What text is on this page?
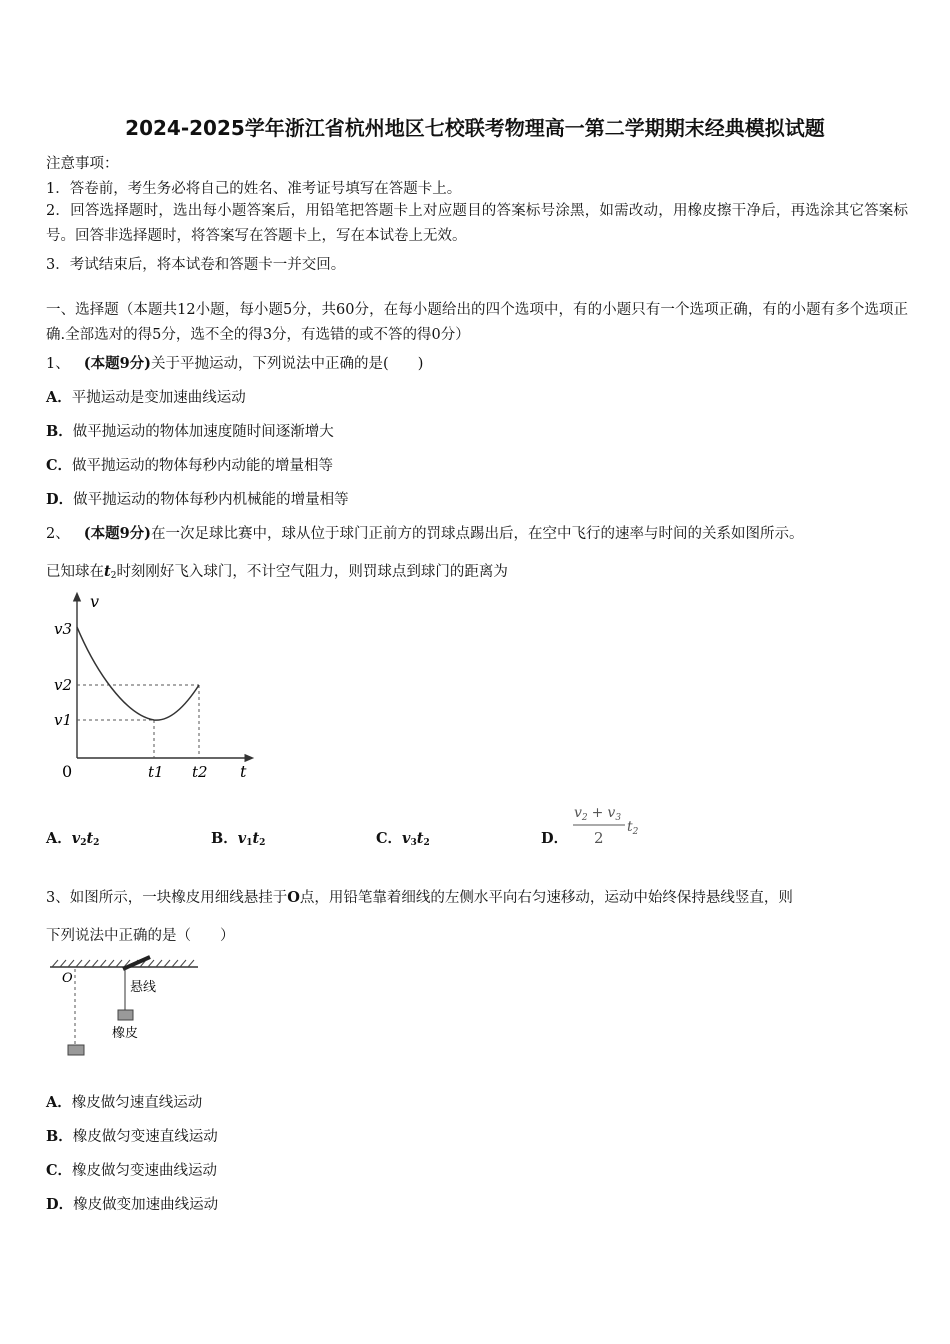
2024-2025学年浙江省杭州地区七校联考物理高一第二学期期末经典模拟试题
注意事项：
1．答卷前，考生务必将自己的姓名、准考证号填写在答题卡上。
2．回答选择题时，选出每小题答案后，用铅笔把答题卡上对应题目的答案标号涂黑，如需改动，用橡皮擦干净后，再选涂其它答案标号。回答非选择题时，将答案写在答题卡上，写在本试卷上无效。
3．考试结束后，将本试卷和答题卡一并交回。
一、选择题（本题共12小题，每小题5分，共60分，在每小题给出的四个选项中，有的小题只有一个选项正确，有的小题有多个选项正确.全部选对的得5分，选不全的得3分，有选错的或不答的得0分）
1、 (本题9分)关于平抛运动，下列说法中正确的是(　　)
A．平抛运动是变加速曲线运动
B．做平抛运动的物体加速度随时间逐渐增大
C．做平抛运动的物体每秒内动能的增量相等
D．做平抛运动的物体每秒内机械能的增量相等
2、 (本题9分)在一次足球比赛中，球从位于球门正前方的罚球点踢出后，在空中飞行的速率与时间的关系如图所示。
已知球在$t_2$时刻刚好飞入球门，不计空气阻力，则罚球点到球门的距离为
v
t
0
v3
v2
v1
t1 t2
A．$v_2t_2$	B．$v_1t_2$	C．$v_3t_2$	D．
$v_2 + v_3$
2
$t_2$
3、如图所示，一块橡皮用细线悬挂于O点，用铅笔靠着细线的左侧水平向右匀速移动，运动中始终保持悬线竖直，则
下列说法中正确的是（　　）
O
悬线
橡皮
A．橡皮做匀速直线运动
B．橡皮做匀变速直线运动
C．橡皮做匀变速曲线运动
D．橡皮做变加速曲线运动
